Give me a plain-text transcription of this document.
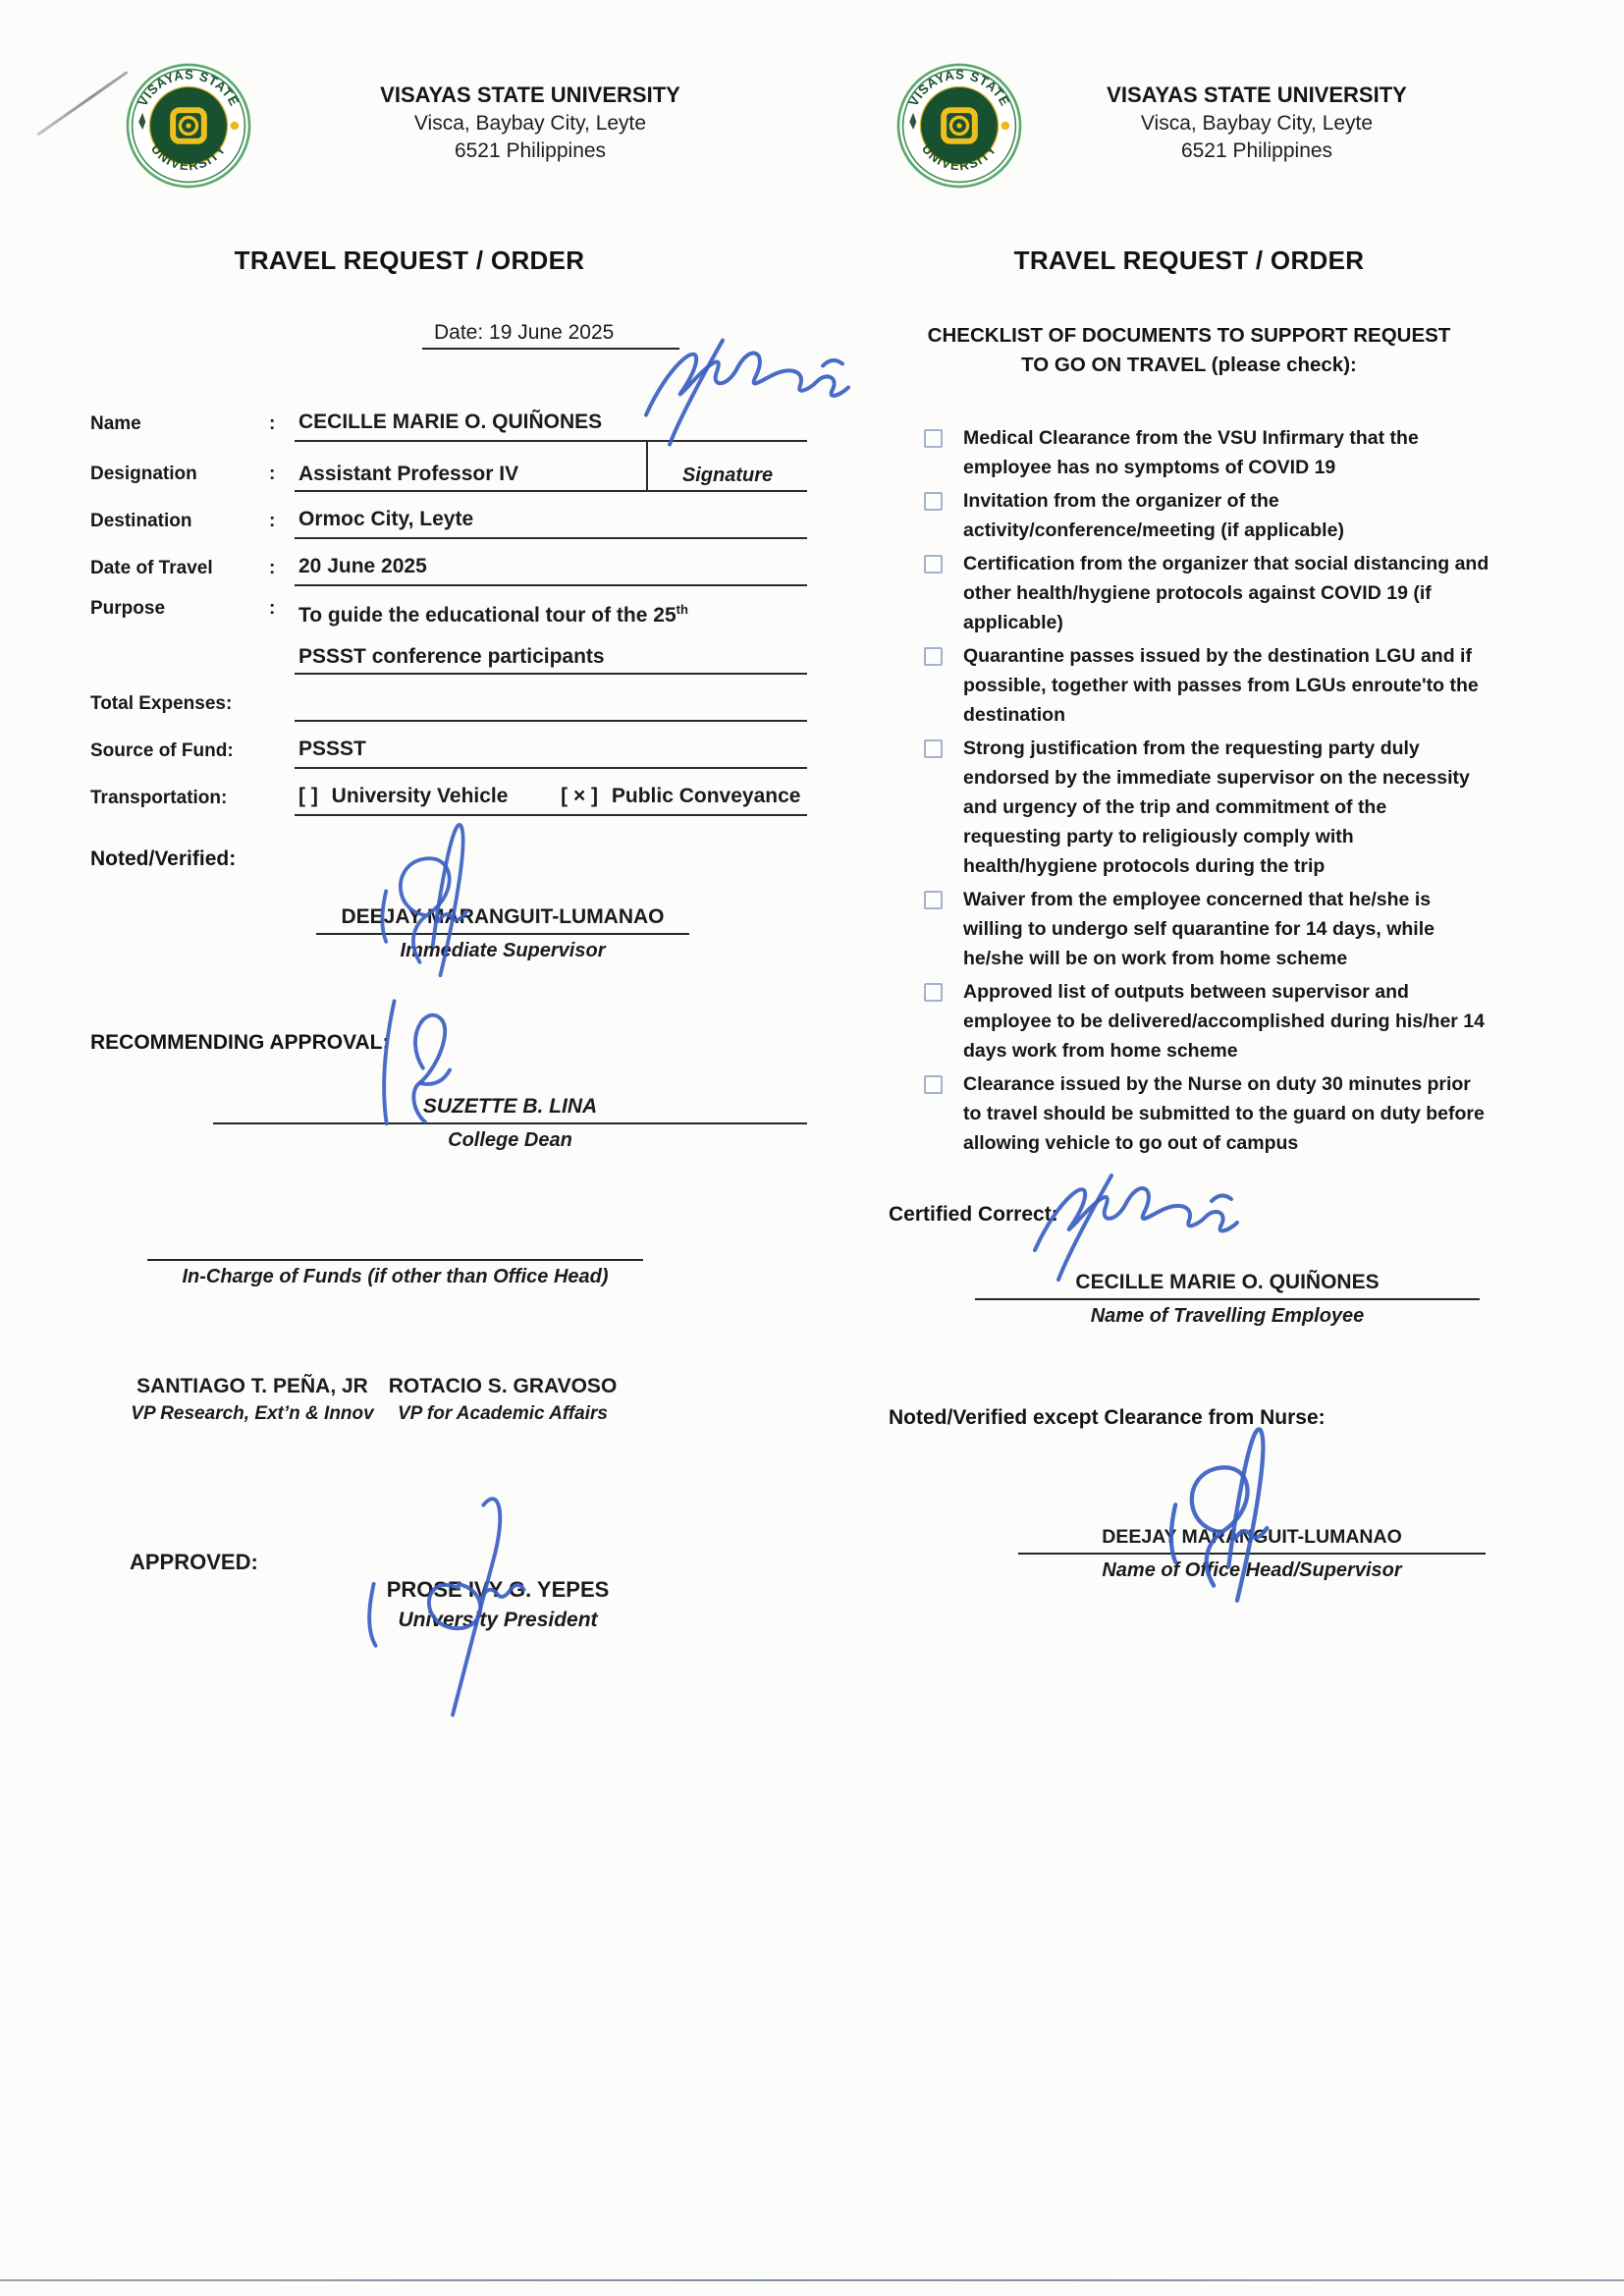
VISAYAS STATE UNIVERSITY
Visca, Baybay City, Leyte
6521 Philippines
TRAVEL REQUEST / ORDER
Date: 19 June 2025
Name	:	CECILLE MARIE O. QUIÑONES
Designation	:	Assistant Professor IV	Signature
Destination	:	Ormoc City, Leyte
Date of Travel	:	20 June 2025
Purpose	:	To guide the educational tour of the 25th
PSSST conference participants
Total Expenses:
Source of Fund:	PSSST
Transportation:	[ ] University Vehicle	[ × ] Public Conveyance
Noted/Verified:
DEEJAY MARANGUIT-LUMANAO
Immediate Supervisor
RECOMMENDING APPROVAL:
SUZETTE B. LINA
College Dean
In-Charge of Funds (if other than Office Head)
SANTIAGO T. PEÑA, JR
VP Research, Ext’n & Innov
ROTACIO S. GRAVOSO
VP for Academic Affairs
APPROVED:
PROSE IVY G. YEPES
University President
VISAYAS STATE UNIVERSITY
Visca, Baybay City, Leyte
6521 Philippines
TRAVEL REQUEST / ORDER
CHECKLIST OF DOCUMENTS TO SUPPORT REQUEST
TO GO ON TRAVEL (please check):
Medical Clearance from the VSU Infirmary that the employee has no symptoms of COVID 19
Invitation from the organizer of the activity/conference/meeting (if applicable)
Certification from the organizer that social distancing and other health/hygiene protocols against COVID 19 (if applicable)
Quarantine passes issued by the destination LGU and if possible, together with passes from LGUs enroute'to the destination
Strong justification from the requesting party duly endorsed by the immediate supervisor on the necessity and urgency of the trip and commitment of the requesting party to religiously comply with health/hygiene protocols during the trip
Waiver from the employee concerned that he/she is willing to undergo self quarantine for 14 days, while he/she will be on work from home scheme
Approved list of outputs between supervisor and employee to be delivered/accomplished during his/her 14 days work from home scheme
Clearance issued by the Nurse on duty 30 minutes prior to travel should be submitted to the guard on duty before allowing vehicle to go out of campus
Certified Correct:
CECILLE MARIE O. QUIÑONES
Name of Travelling Employee
Noted/Verified except Clearance from Nurse:
DEEJAY MARANGUIT-LUMANAO
Name of Office Head/Supervisor
